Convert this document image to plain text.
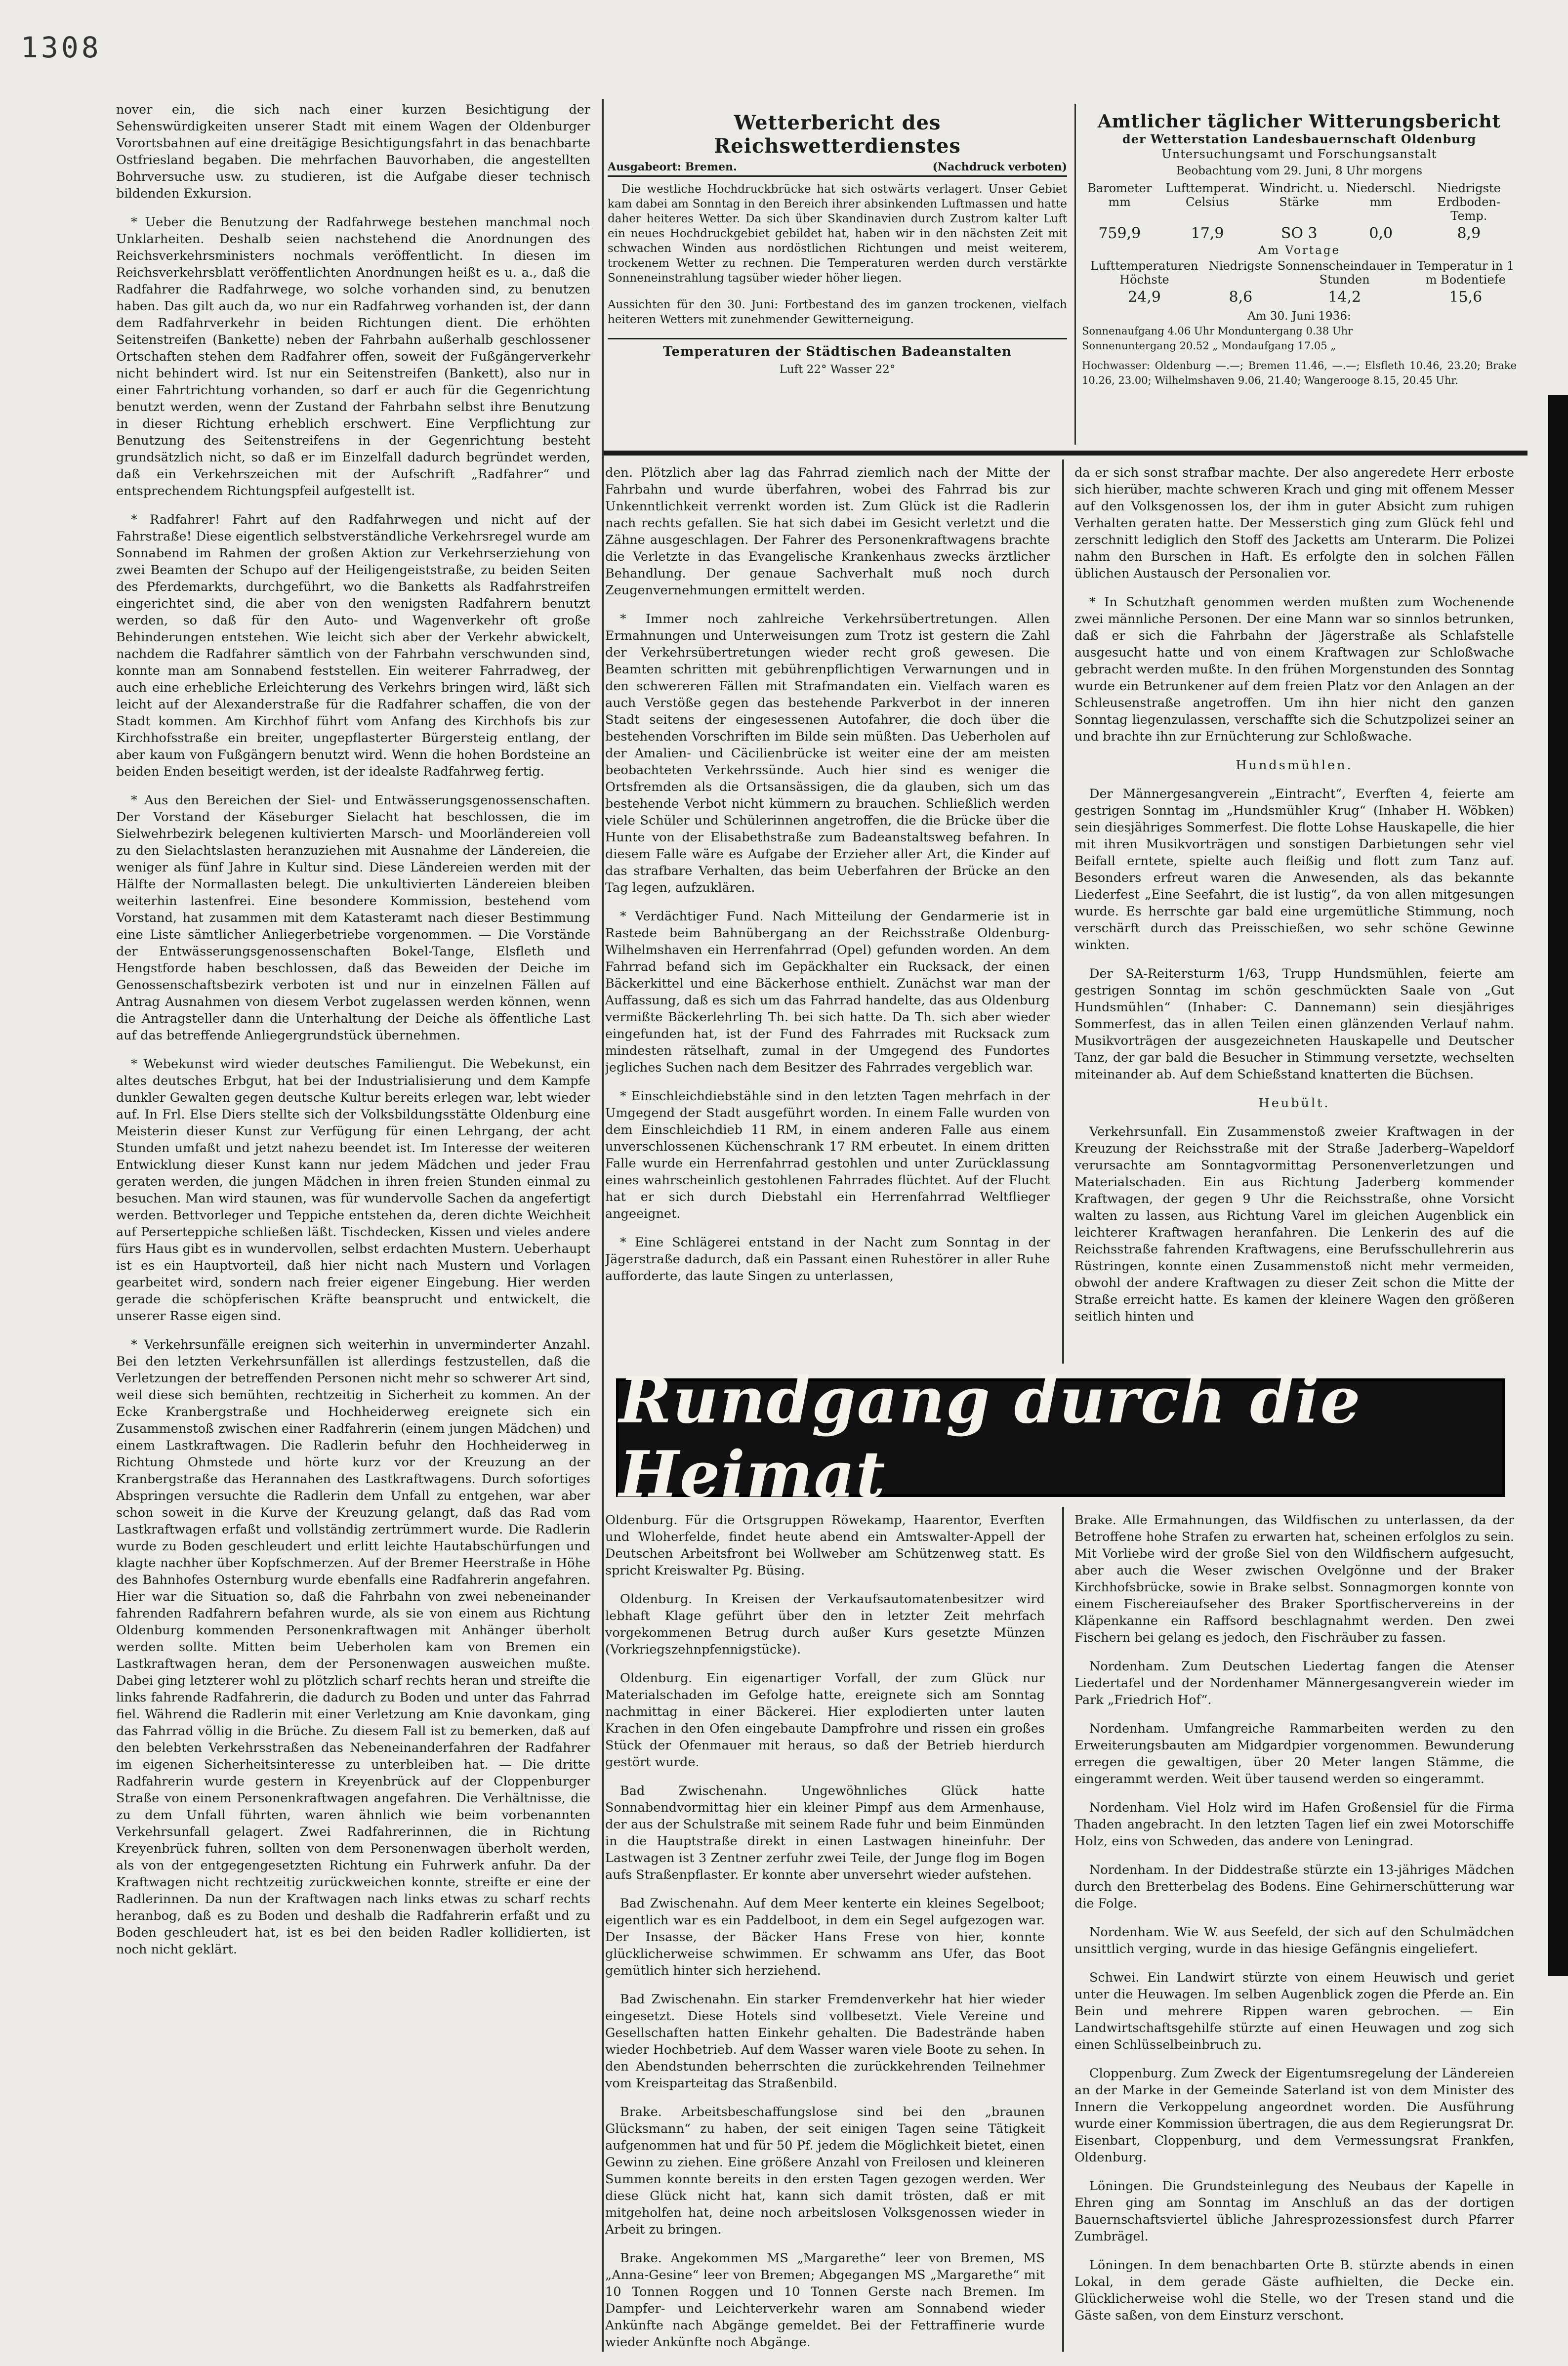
1308

nover ein, die sich nach einer kurzen Besichtigung der Sehenswürdigkeiten unserer Stadt mit einem Wagen der Oldenburger Vorortsbahnen auf eine dreitägige Besichtigungsfahrt in das benachbarte Ostfriesland begaben. Die mehrfachen Bauvorhaben, die angestellten Bohrversuche usw. zu studieren, ist die Aufgabe dieser technisch bildenden Exkursion.

* Ueber die Benutzung der Radfahrwege bestehen manchmal noch Unklarheiten. Deshalb seien nachstehend die Anordnungen des Reichsverkehrsministers nochmals veröffentlicht. In diesen im Reichsverkehrsblatt veröffentlichten Anordnungen heißt es u. a., daß die Radfahrer die Radfahrwege, wo solche vorhanden sind, zu benutzen haben. Das gilt auch da, wo nur ein Radfahrweg vorhanden ist, der dann dem Radfahrverkehr in beiden Richtungen dient. Die erhöhten Seitenstreifen (Bankette) neben der Fahrbahn außerhalb geschlossener Ortschaften stehen dem Radfahrer offen, soweit der Fußgängerverkehr nicht behindert wird. Ist nur ein Seitenstreifen (Bankett), also nur in einer Fahrtrichtung vorhanden, so darf er auch für die Gegenrichtung benutzt werden, wenn der Zustand der Fahrbahn selbst ihre Benutzung in dieser Richtung erheblich erschwert. Eine Verpflichtung zur Benutzung des Seitenstreifens in der Gegenrichtung besteht grundsätzlich nicht, so daß er im Einzelfall dadurch begründet werden, daß ein Verkehrszeichen mit der Aufschrift „Radfahrer“ und entsprechendem Richtungspfeil aufgestellt ist.

* Radfahrer! Fahrt auf den Radfahrwegen und nicht auf der Fahrstraße! Diese eigentlich selbstverständliche Verkehrsregel wurde am Sonnabend im Rahmen der großen Aktion zur Verkehrserziehung von zwei Beamten der Schupo auf der Heiligengeiststraße, zu beiden Seiten des Pferdemarkts, durchgeführt, wo die Banketts als Radfahrstreifen eingerichtet sind, die aber von den wenigsten Radfahrern benutzt werden, so daß für den Auto- und Wagenverkehr oft große Behinderungen entstehen. Wie leicht sich aber der Verkehr abwickelt, nachdem die Radfahrer sämtlich von der Fahrbahn verschwunden sind, konnte man am Sonnabend feststellen. Ein weiterer Fahrradweg, der auch eine erhebliche Erleichterung des Verkehrs bringen wird, läßt sich leicht auf der Alexanderstraße für die Radfahrer schaffen, die von der Stadt kommen. Am Kirchhof führt vom Anfang des Kirchhofs bis zur Kirchhofsstraße ein breiter, ungepflasterter Bürgersteig entlang, der aber kaum von Fußgängern benutzt wird. Wenn die hohen Bordsteine an beiden Enden beseitigt werden, ist der idealste Radfahrweg fertig.

* Aus den Bereichen der Siel- und Entwässerungsgenossenschaften. Der Vorstand der Käseburger Sielacht hat beschlossen, die im Sielwehrbezirk belegenen kultivierten Marsch- und Moorländereien voll zu den Sielachtslasten heranzuziehen mit Ausnahme der Ländereien, die weniger als fünf Jahre in Kultur sind. Diese Ländereien werden mit der Hälfte der Normallasten belegt. Die unkultivierten Ländereien bleiben weiterhin lastenfrei. Eine besondere Kommission, bestehend vom Vorstand, hat zusammen mit dem Katasteramt nach dieser Bestimmung eine Liste sämtlicher Anliegerbetriebe vorgenommen. — Die Vorstände der Entwässerungsgenossenschaften Bokel-Tange, Elsfleth und Hengstforde haben beschlossen, daß das Beweiden der Deiche im Genossenschaftsbezirk verboten ist und nur in einzelnen Fällen auf Antrag Ausnahmen von diesem Verbot zugelassen werden können, wenn die Antragsteller dann die Unterhaltung der Deiche als öffentliche Last auf das betreffende Anliegergrundstück übernehmen.

* Webekunst wird wieder deutsches Familiengut. Die Webekunst, ein altes deutsches Erbgut, hat bei der Industrialisierung und dem Kampfe dunkler Gewalten gegen deutsche Kultur bereits erlegen war, lebt wieder auf. In Frl. Else Diers stellte sich der Volksbildungsstätte Oldenburg eine Meisterin dieser Kunst zur Verfügung für einen Lehrgang, der acht Stunden umfaßt und jetzt nahezu beendet ist. Im Interesse der weiteren Entwicklung dieser Kunst kann nur jedem Mädchen und jeder Frau geraten werden, die jungen Mädchen in ihren freien Stunden einmal zu besuchen. Man wird staunen, was für wundervolle Sachen da angefertigt werden. Bettvorleger und Teppiche entstehen da, deren dichte Weichheit auf Perserteppiche schließen läßt. Tischdecken, Kissen und vieles andere fürs Haus gibt es in wundervollen, selbst erdachten Mustern. Ueberhaupt ist es ein Hauptvorteil, daß hier nicht nach Mustern und Vorlagen gearbeitet wird, sondern nach freier eigener Eingebung. Hier werden gerade die schöpferischen Kräfte beansprucht und entwickelt, die unserer Rasse eigen sind.

* Verkehrsunfälle ereignen sich weiterhin in unverminderter Anzahl. Bei den letzten Verkehrsunfällen ist allerdings festzustellen, daß die Verletzungen der betreffenden Personen nicht mehr so schwerer Art sind, weil diese sich bemühten, rechtzeitig in Sicherheit zu kommen. An der Ecke Kranbergstraße und Hochheiderweg ereignete sich ein Zusammenstoß zwischen einer Radfahrerin (einem jungen Mädchen) und einem Lastkraftwagen. Die Radlerin befuhr den Hochheiderweg in Richtung Ohmstede und hörte kurz vor der Kreuzung an der Kranbergstraße das Herannahen des Lastkraftwagens. Durch sofortiges Abspringen versuchte die Radlerin dem Unfall zu entgehen, war aber schon soweit in die Kurve der Kreuzung gelangt, daß das Rad vom Lastkraftwagen erfaßt und vollständig zertrümmert wurde. Die Radlerin wurde zu Boden geschleudert und erlitt leichte Hautabschürfungen und klagte nachher über Kopfschmerzen. Auf der Bremer Heerstraße in Höhe des Bahnhofes Osternburg wurde ebenfalls eine Radfahrerin angefahren. Hier war die Situation so, daß die Fahrbahn von zwei nebeneinander fahrenden Radfahrern befahren wurde, als sie von einem aus Richtung Oldenburg kommenden Personenkraftwagen mit Anhänger überholt werden sollte. Mitten beim Ueberholen kam von Bremen ein Lastkraftwagen heran, dem der Personenwagen ausweichen mußte. Dabei ging letzterer wohl zu plötzlich scharf rechts heran und streifte die links fahrende Radfahrerin, die dadurch zu Boden und unter das Fahrrad fiel. Während die Radlerin mit einer Verletzung am Knie davonkam, ging das Fahrrad völlig in die Brüche. Zu diesem Fall ist zu bemerken, daß auf den belebten Verkehrsstraßen das Nebeneinanderfahren der Radfahrer im eigenen Sicherheitsinteresse zu unterbleiben hat. — Die dritte Radfahrerin wurde gestern in Kreyenbrück auf der Cloppenburger Straße von einem Personenkraftwagen angefahren. Die Verhältnisse, die zu dem Unfall führten, waren ähnlich wie beim vorbenannten Verkehrsunfall gelagert. Zwei Radfahrerinnen, die in Richtung Kreyenbrück fuhren, sollten von dem Personenwagen überholt werden, als von der entgegengesetzten Richtung ein Fuhrwerk anfuhr. Da der Kraftwagen nicht rechtzeitig zurückweichen konnte, streifte er eine der Radlerinnen. Da nun der Kraftwagen nach links etwas zu scharf rechts heranbog, daß es zu Boden und deshalb die Radfahrerin erfaßt und zu Boden geschleudert hat, ist es bei den beiden Radler kollidierten, ist noch nicht geklärt.

Wetterbericht des Reichswetterdienstes
Ausgabeort: Bremen.	(Nachdruck verboten)
Die westliche Hochdruckbrücke hat sich ostwärts verlagert. Unser Gebiet kam dabei am Sonntag in den Bereich ihrer absinkenden Luftmassen und hatte daher heiteres Wetter. Da sich über Skandinavien durch Zustrom kalter Luft ein neues Hochdruckgebiet gebildet hat, haben wir in den nächsten Zeit mit schwachen Winden aus nordöstlichen Richtungen und meist weiterem, trockenem Wetter zu rechnen. Die Temperaturen werden durch verstärkte Sonneneinstrahlung tagsüber wieder höher liegen.
Aussichten für den 30. Juni: Fortbestand des im ganzen trockenen, vielfach heiteren Wetters mit zunehmender Gewitterneigung.
Temperaturen der Städtischen Badeanstalten
Luft 22° Wasser 22°
Amtlicher täglicher Witterungsbericht
der Wetterstation Landesbauernschaft Oldenburg
Untersuchungsamt und Forschungsanstalt
Beobachtung vom 29. Juni, 8 Uhr morgens
Barometer mm	Lufttemperat. Celsius	Windricht. u. Stärke	Niederschl. mm	Niedrigste Erdboden-Temp.
759,9	17,9	SO 3	0,0	8,9
Am Vortage
Lufttemperaturen Höchste	Niedrigste	Sonnenscheindauer in Stunden	Temperatur in 1 m Bodentiefe
24,9	8,6	14,2	15,6
Am 30. Juni 1936:
Sonnenaufgang 4.06 Uhr Monduntergang 0.38 Uhr
Sonnenuntergang 20.52 „ Mondaufgang 17.05 „
Hochwasser: Oldenburg —.—; Bremen 11.46, —.—; Elsfleth 10.46, 23.20; Brake 10.26, 23.00; Wilhelmshaven 9.06, 21.40; Wangerooge 8.15, 20.45 Uhr.

den. Plötzlich aber lag das Fahrrad ziemlich nach der Mitte der Fahrbahn und wurde überfahren, wobei des Fahrrad bis zur Unkenntlichkeit verrenkt worden ist. Zum Glück ist die Radlerin nach rechts gefallen. Sie hat sich dabei im Gesicht verletzt und die Zähne ausgeschlagen. Der Fahrer des Personenkraftwagens brachte die Verletzte in das Evangelische Krankenhaus zwecks ärztlicher Behandlung. Der genaue Sachverhalt muß noch durch Zeugenvernehmungen ermittelt werden.

* Immer noch zahlreiche Verkehrsübertretungen. Allen Ermahnungen und Unterweisungen zum Trotz ist gestern die Zahl der Verkehrsübertretungen wieder recht groß gewesen. Die Beamten schritten mit gebührenpflichtigen Verwarnungen und in den schwereren Fällen mit Strafmandaten ein. Vielfach waren es auch Verstöße gegen das bestehende Parkverbot in der inneren Stadt seitens der eingesessenen Autofahrer, die doch über die bestehenden Vorschriften im Bilde sein müßten. Das Ueberholen auf der Amalien- und Cäcilienbrücke ist weiter eine der am meisten beobachteten Verkehrssünde. Auch hier sind es weniger die Ortsfremden als die Ortsansässigen, die da glauben, sich um das bestehende Verbot nicht kümmern zu brauchen. Schließlich werden viele Schüler und Schülerinnen angetroffen, die die Brücke über die Hunte von der Elisabethstraße zum Badeanstaltsweg befahren. In diesem Falle wäre es Aufgabe der Erzieher aller Art, die Kinder auf das strafbare Verhalten, das beim Ueberfahren der Brücke an den Tag legen, aufzuklären.

* Verdächtiger Fund. Nach Mitteilung der Gendarmerie ist in Rastede beim Bahnübergang an der Reichsstraße Oldenburg-Wilhelmshaven ein Herrenfahrrad (Opel) gefunden worden. An dem Fahrrad befand sich im Gepäckhalter ein Rucksack, der einen Bäckerkittel und eine Bäckerhose enthielt. Zunächst war man der Auffassung, daß es sich um das Fahrrad handelte, das aus Oldenburg vermißte Bäckerlehrling Th. bei sich hatte. Da Th. sich aber wieder eingefunden hat, ist der Fund des Fahrrades mit Rucksack zum mindesten rätselhaft, zumal in der Umgegend des Fundortes jegliches Suchen nach dem Besitzer des Fahrrades vergeblich war.

* Einschleichdiebstähle sind in den letzten Tagen mehrfach in der Umgegend der Stadt ausgeführt worden. In einem Falle wurden von dem Einschleichdieb 11 RM, in einem anderen Falle aus einem unverschlossenen Küchenschrank 17 RM erbeutet. In einem dritten Falle wurde ein Herrenfahrrad gestohlen und unter Zurücklassung eines wahrscheinlich gestohlenen Fahrrades flüchtet. Auf der Flucht hat er sich durch Diebstahl ein Herrenfahrrad Weltflieger angeeignet.

* Eine Schlägerei entstand in der Nacht zum Sonntag in der Jägerstraße dadurch, daß ein Passant einen Ruhestörer in aller Ruhe aufforderte, das laute Singen zu unterlassen,

da er sich sonst strafbar machte. Der also angeredete Herr erboste sich hierüber, machte schweren Krach und ging mit offenem Messer auf den Volksgenossen los, der ihm in guter Absicht zum ruhigen Verhalten geraten hatte. Der Messerstich ging zum Glück fehl und zerschnitt lediglich den Stoff des Jacketts am Unterarm. Die Polizei nahm den Burschen in Haft. Es erfolgte den in solchen Fällen üblichen Austausch der Personalien vor.

* In Schutzhaft genommen werden mußten zum Wochenende zwei männliche Personen. Der eine Mann war so sinnlos betrunken, daß er sich die Fahrbahn der Jägerstraße als Schlafstelle ausgesucht hatte und von einem Kraftwagen zur Schloßwache gebracht werden mußte. In den frühen Morgenstunden des Sonntag wurde ein Betrunkener auf dem freien Platz vor den Anlagen an der Schleusenstraße angetroffen. Um ihn hier nicht den ganzen Sonntag liegenzulassen, verschaffte sich die Schutzpolizei seiner an und brachte ihn zur Ernüchterung zur Schloßwache.

Hundsmühlen.

Der Männergesangverein „Eintracht“, Everften 4, feierte am gestrigen Sonntag im „Hundsmühler Krug“ (Inhaber H. Wöbken) sein diesjähriges Sommerfest. Die flotte Lohse Hauskapelle, die hier mit ihren Musikvorträgen und sonstigen Darbietungen sehr viel Beifall erntete, spielte auch fleißig und flott zum Tanz auf. Besonders erfreut waren die Anwesenden, als das bekannte Liederfest „Eine Seefahrt, die ist lustig“, da von allen mitgesungen wurde. Es herrschte gar bald eine urgemütliche Stimmung, noch verschärft durch das Preisschießen, wo sehr schöne Gewinne winkten.

Der SA-Reitersturm 1/63, Trupp Hundsmühlen, feierte am gestrigen Sonntag im schön geschmückten Saale von „Gut Hundsmühlen“ (Inhaber: C. Dannemann) sein diesjähriges Sommerfest, das in allen Teilen einen glänzenden Verlauf nahm. Musikvorträgen der ausgezeichneten Hauskapelle und Deutscher Tanz, der gar bald die Besucher in Stimmung versetzte, wechselten miteinander ab. Auf dem Schießstand knatterten die Büchsen.

Heubült.

Verkehrsunfall. Ein Zusammenstoß zweier Kraftwagen in der Kreuzung der Reichsstraße mit der Straße Jaderberg–Wapeldorf verursachte am Sonntagvormittag Personenverletzungen und Materialschaden. Ein aus Richtung Jaderberg kommender Kraftwagen, der gegen 9 Uhr die Reichsstraße, ohne Vorsicht walten zu lassen, aus Richtung Varel im gleichen Augenblick ein leichterer Kraftwagen heranfahren. Die Lenkerin des auf die Reichsstraße fahrenden Kraftwagens, eine Berufsschullehrerin aus Rüstringen, konnte einen Zusammenstoß nicht mehr vermeiden, obwohl der andere Kraftwagen zu dieser Zeit schon die Mitte der Straße erreicht hatte. Es kamen der kleinere Wagen den größeren seitlich hinten und

Rundgang durch die Heimat

Oldenburg. Für die Ortsgruppen Röwekamp, Haarentor, Everften und Wloherfelde, findet heute abend ein Amtswalter-Appell der Deutschen Arbeitsfront bei Wollweber am Schützenweg statt. Es spricht Kreiswalter Pg. Büsing.

Oldenburg. In Kreisen der Verkaufsautomatenbesitzer wird lebhaft Klage geführt über den in letzter Zeit mehrfach vorgekommenen Betrug durch außer Kurs gesetzte Münzen (Vorkriegszehnpfennigstücke).

Oldenburg. Ein eigenartiger Vorfall, der zum Glück nur Materialschaden im Gefolge hatte, ereignete sich am Sonntag nachmittag in einer Bäckerei. Hier explodierten unter lauten Krachen in den Ofen eingebaute Dampfrohre und rissen ein großes Stück der Ofenmauer mit heraus, so daß der Betrieb hierdurch gestört wurde.

Bad Zwischenahn. Ungewöhnliches Glück hatte Sonnabendvormittag hier ein kleiner Pimpf aus dem Armenhause, der aus der Schulstraße mit seinem Rade fuhr und beim Einmünden in die Hauptstraße direkt in einen Lastwagen hineinfuhr. Der Lastwagen ist 3 Zentner zerfuhr zwei Teile, der Junge flog im Bogen aufs Straßenpflaster. Er konnte aber unversehrt wieder aufstehen.

Bad Zwischenahn. Auf dem Meer kenterte ein kleines Segelboot; eigentlich war es ein Paddelboot, in dem ein Segel aufgezogen war. Der Insasse, der Bäcker Hans Frese von hier, konnte glücklicherweise schwimmen. Er schwamm ans Ufer, das Boot gemütlich hinter sich herziehend.

Bad Zwischenahn. Ein starker Fremdenverkehr hat hier wieder eingesetzt. Diese Hotels sind vollbesetzt. Viele Vereine und Gesellschaften hatten Einkehr gehalten. Die Badestrände haben wieder Hochbetrieb. Auf dem Wasser waren viele Boote zu sehen. In den Abendstunden beherrschten die zurückkehrenden Teilnehmer vom Kreisparteitag das Straßenbild.

Brake. Arbeitsbeschaffungslose sind bei den „braunen Glücksmann“ zu haben, der seit einigen Tagen seine Tätigkeit aufgenommen hat und für 50 Pf. jedem die Möglichkeit bietet, einen Gewinn zu ziehen. Eine größere Anzahl von Freilosen und kleineren Summen konnte bereits in den ersten Tagen gezogen werden. Wer diese Glück nicht hat, kann sich damit trösten, daß er mit mitgeholfen hat, deine noch arbeitslosen Volksgenossen wieder in Arbeit zu bringen.

Brake. Angekommen MS „Margarethe“ leer von Bremen, MS „Anna-Gesine“ leer von Bremen; Abgegangen MS „Margarethe“ mit 10 Tonnen Roggen und 10 Tonnen Gerste nach Bremen. Im Dampfer- und Leichterverkehr waren am Sonnabend wieder Ankünfte nach Abgänge gemeldet. Bei der Fettraffinerie wurde wieder Ankünfte noch Abgänge.

Brake. Alle Ermahnungen, das Wildfischen zu unterlassen, da der Betroffene hohe Strafen zu erwarten hat, scheinen erfolglos zu sein. Mit Vorliebe wird der große Siel von den Wildfischern aufgesucht, aber auch die Weser zwischen Ovelgönne und der Braker Kirchhofsbrücke, sowie in Brake selbst. Sonnagmorgen konnte von einem Fischereiaufseher des Braker Sportfischervereins in der Kläpenkanne ein Raffsord beschlagnahmt werden. Den zwei Fischern bei gelang es jedoch, den Fischräuber zu fassen.

Nordenham. Zum Deutschen Liedertag fangen die Atenser Liedertafel und der Nordenhamer Männergesangverein wieder im Park „Friedrich Hof“.

Nordenham. Umfangreiche Rammarbeiten werden zu den Erweiterungsbauten am Midgardpier vorgenommen. Bewunderung erregen die gewaltigen, über 20 Meter langen Stämme, die eingerammt werden. Weit über tausend werden so eingerammt.

Nordenham. Viel Holz wird im Hafen Großensiel für die Firma Thaden angebracht. In den letzten Tagen lief ein zwei Motorschiffe Holz, eins von Schweden, das andere von Leningrad.

Nordenham. In der Diddestraße stürzte ein 13-jähriges Mädchen durch den Bretterbelag des Bodens. Eine Gehirnerschütterung war die Folge.

Nordenham. Wie W. aus Seefeld, der sich auf den Schulmädchen unsittlich verging, wurde in das hiesige Gefängnis eingeliefert.

Schwei. Ein Landwirt stürzte von einem Heuwisch und geriet unter die Heuwagen. Im selben Augenblick zogen die Pferde an. Ein Bein und mehrere Rippen waren gebrochen. — Ein Landwirtschaftsgehilfe stürzte auf einen Heuwagen und zog sich einen Schlüsselbeinbruch zu.

Cloppenburg. Zum Zweck der Eigentumsregelung der Ländereien an der Marke in der Gemeinde Saterland ist von dem Minister des Innern die Verkoppelung angeordnet worden. Die Ausführung wurde einer Kommission übertragen, die aus dem Regierungsrat Dr. Eisenbart, Cloppenburg, und dem Vermessungsrat Frankfen, Oldenburg.

Löningen. Die Grundsteinlegung des Neubaus der Kapelle in Ehren ging am Sonntag im Anschluß an das der dortigen Bauernschaftsviertel übliche Jahresprozessionsfest durch Pfarrer Zumbrägel.

Löningen. In dem benachbarten Orte B. stürzte abends in einen Lokal, in dem gerade Gäste aufhielten, die Decke ein. Glücklicherweise wohl die Stelle, wo der Tresen stand und die Gäste saßen, von dem Einsturz verschont.
